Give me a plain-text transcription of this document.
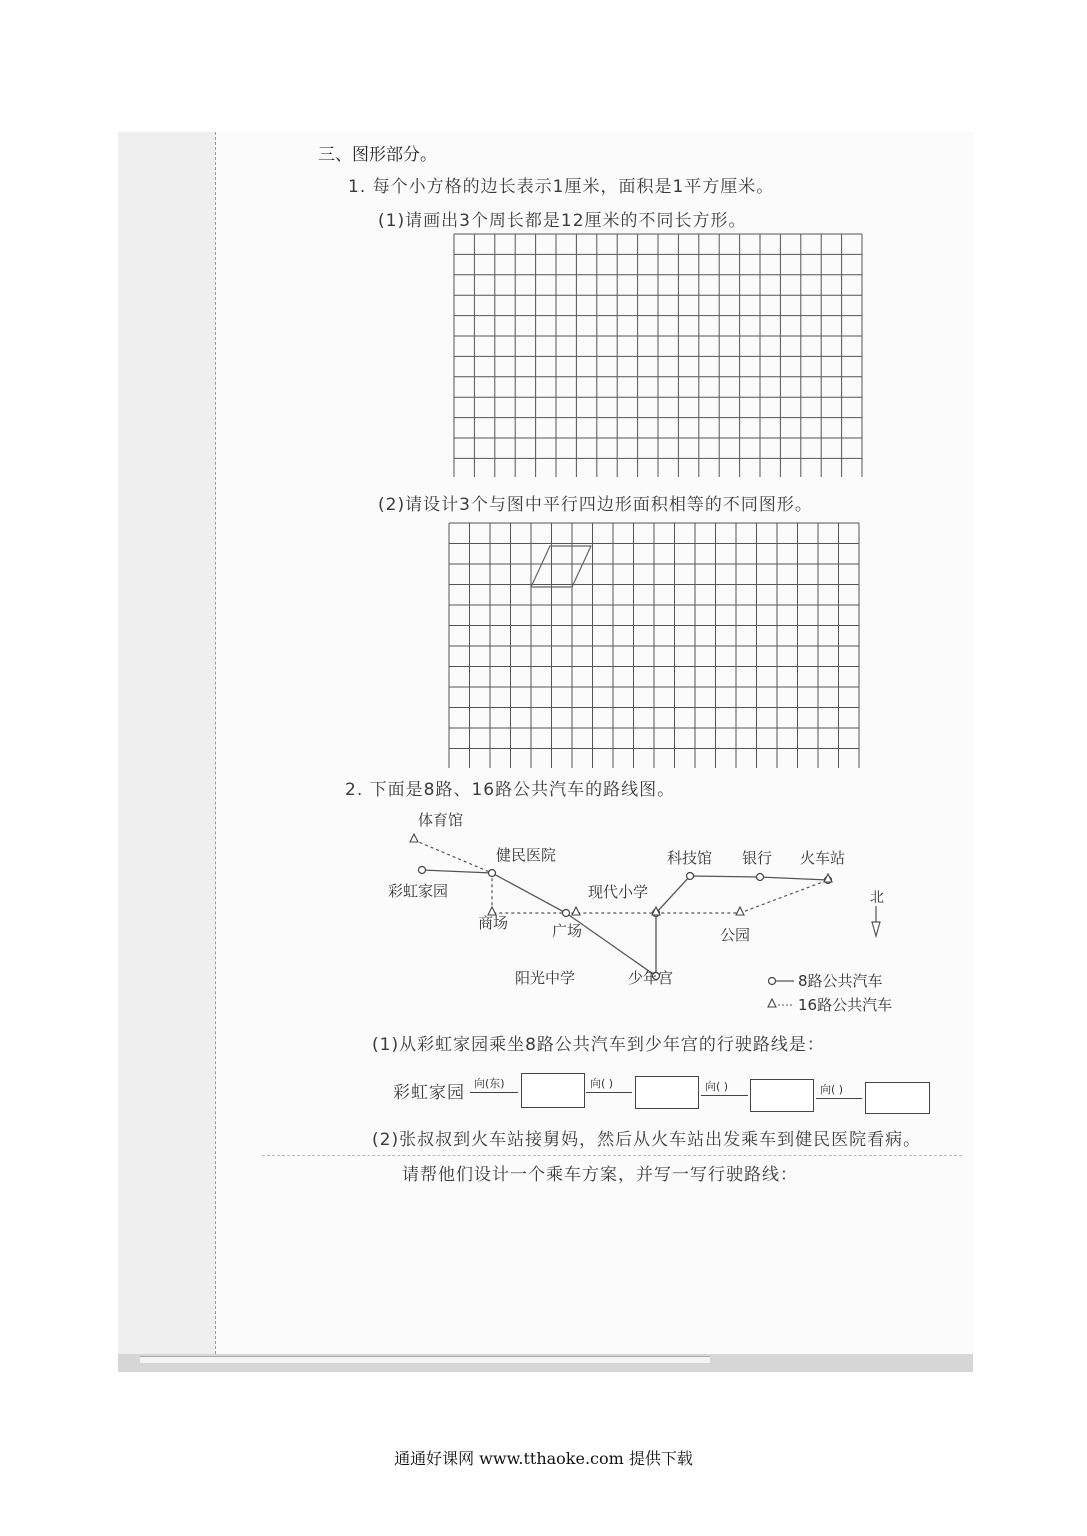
三、图形部分。
1. 每个小方格的边长表示1厘米，面积是1平方厘米。
(1)请画出3个周长都是12厘米的不同长方形。
(2)请设计3个与图中平行四边形面积相等的不同图形。
2. 下面是8路、16路公共汽车的路线图。
体育馆
健民医院
彩虹家园
商场	广场
现代小学
科技馆 银行 火车站
公园
阳光中学	少年宫
北
8路公共汽车
16路公共汽车
(1)从彩虹家园乘坐8路公共汽车到少年宫的行驶路线是：
彩虹家园 向(东)	向( )	向( )	向( )
(2)张叔叔到火车站接舅妈，然后从火车站出发乘车到健民医院看病。
请帮他们设计一个乘车方案，并写一写行驶路线：
通通好课网 www.tthaoke.com 提供下载
